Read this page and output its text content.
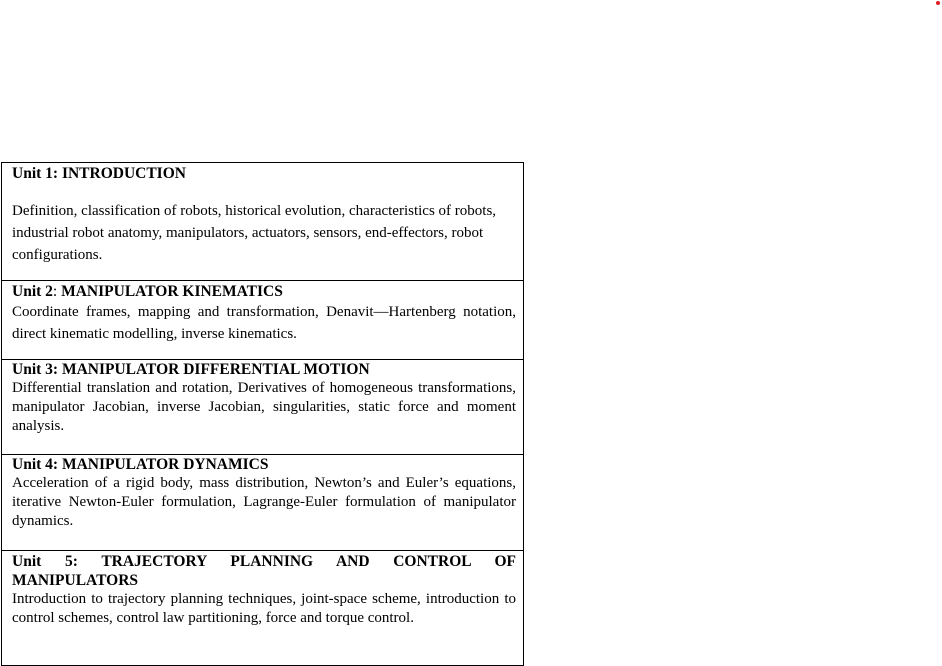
Unit 1: INTRODUCTION

Definition, classification of robots, historical evolution, characteristics of robots, industrial robot anatomy, manipulators, actuators, sensors, end-effectors, robot configurations.

Unit 2: MANIPULATOR KINEMATICS

Coordinate frames, mapping and transformation, Denavit—Hartenberg notation, direct kinematic modelling, inverse kinematics.

Unit 3: MANIPULATOR DIFFERENTIAL MOTION

Differential translation and rotation, Derivatives of homogeneous transformations, manipulator Jacobian, inverse Jacobian, singularities, static force and moment analysis.

Unit 4: MANIPULATOR DYNAMICS

Acceleration of a rigid body, mass distribution, Newton’s and Euler’s equations, iterative Newton-Euler formulation, Lagrange-Euler formulation of manipulator dynamics.

Unit 5: TRAJECTORY PLANNING AND CONTROL OF

MANIPULATORS

Introduction to trajectory planning techniques, joint-space scheme, introduction to control schemes, control law partitioning, force and torque control.
